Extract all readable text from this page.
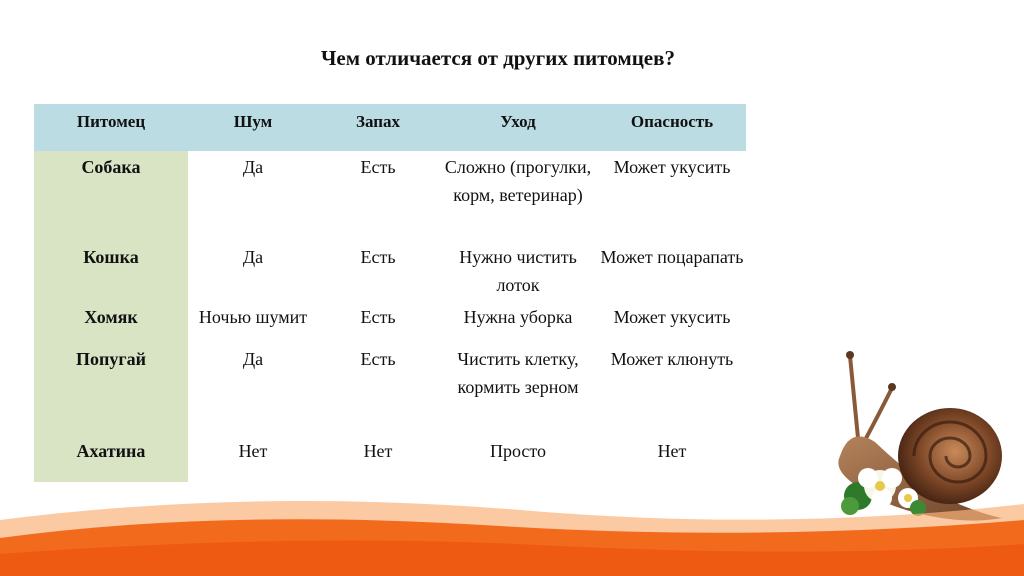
Чем отличается от других питомцев?
Питомец	Шум	Запах	Уход	Опасность
Собака	Да	Есть	Сложно (прогулки, корм, ветеринар)	Может укусить
Кошка	Да	Есть	Нужно чистить лоток	Может поцарапать
Хомяк	Ночью шумит	Есть	Нужна уборка	Может укусить
Попугай	Да	Есть	Чистить клетку, кормить зерном	Может клюнуть
Ахатина	Нет	Нет	Просто	Нет
